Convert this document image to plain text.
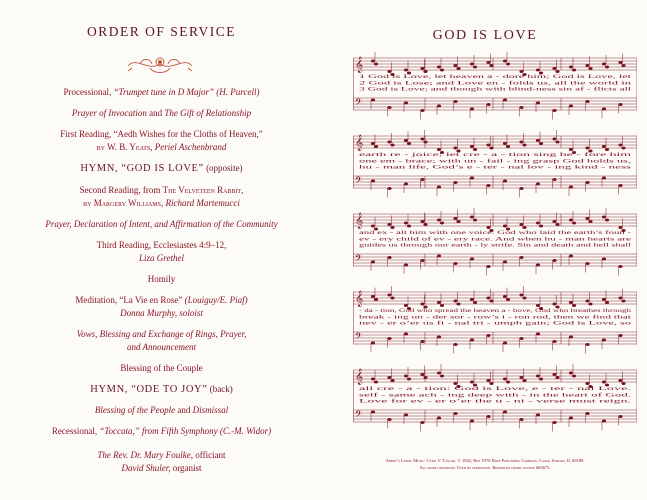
ORDER OF SERVICE
Processional, “Trumpet tune in D Major” (H. Purcell)
Prayer of Invocation and The Gift of Relationship
First Reading, “Aedh Wishes for the Cloths of Heaven,”
by W. B. Yeats, Periel Aschenbrand
HYMN, “GOD IS LOVE” (opposite)
Second Reading, from The Velveteen Rabbit,
by Margery Williams, Richard Martemucci
Prayer, Declaration of Intent, and Affirmation of the Community
Third Reading, Ecclesiastes 4:9–12,
Liza Grethel
Homily
Meditation, “La Vie en Rose” (Louiguy/E. Piaf)
Donna Murphy, soloist
Vows, Blessing and Exchange of Rings, Prayer,
and Announcement
Blessing of the Couple
HYMN, “ODE TO JOY” (back)
Blessing of the People and Dismissal
Recessional, “Toccata,” from Fifth Symphony (C.-M. Widor)
The Rev. Dr. Mary Foulke, officiant
David Shuler, organist
GOD IS LOVE
𝄞
𝄢
1 God is Love, let heaven a - dore him; God is Love, let
2 God is Lose; and Love en - folds us, all the world in
3 God is Love; and though with blind-ness sin af - flicts all
𝄞
𝄢
earth re - joice; let cre - a - tion sing be - fore him
one em - brace; with un - fail - ing grasp God holds us,
hu - man life, God’s e - ter - nal lov - ing kind - ness
𝄞
𝄢
and ex - alt him with one voice. God who laid the earth’s foun -
ev - ery child of ev - ery race. And when hu - man hearts are
guides us through our earth - ly strife. Sin and death and hell shall
𝄞
𝄢
- da - tion, God who spread the heaven a - bove, God who breathes through
break - ing un - der sor - row’s i - ron rod, then we find that
nev - er o’er us fi - nal tri - umph gain; God is Love, so
𝄞
𝄢
all cre - a - tion: God is Love, e - ter - nal Love.
self - same ach - ing deep with - in the heart of God.
Love for ev - er o’er the u - ni - verse must reign.
Abbot’s Leigh. Music: Cyril V. Taylor. © 1942, Ren 1970 Hope Publishing Company, Carol Stream, IL 60188.
All rights reserved. Used by permission. Reprinted under license #65673.
